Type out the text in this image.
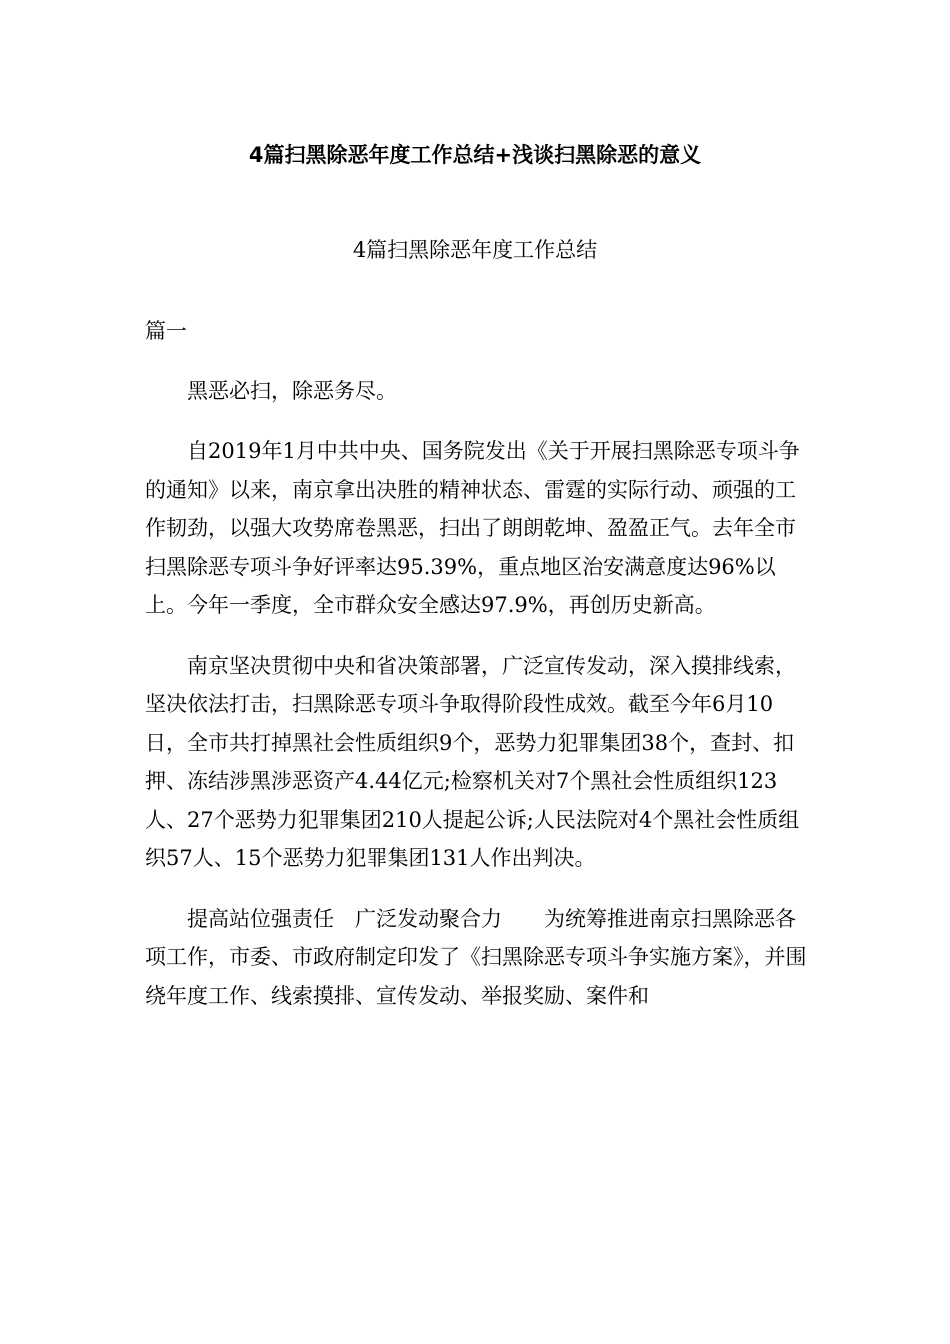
4篇扫黑除恶年度工作总结+浅谈扫黑除恶的意义
4篇扫黑除恶年度工作总结

篇一

黑恶必扫，除恶务尽。

自2019年1月中共中央、国务院发出《关于开展扫黑除恶专项斗争的通知》以来，南京拿出决胜的精神状态、雷霆的实际行动、顽强的工作韧劲，以强大攻势席卷黑恶，扫出了朗朗乾坤、盈盈正气。去年全市扫黑除恶专项斗争好评率达95.39%，重点地区治安满意度达96%以上。今年一季度，全市群众安全感达97.9%，再创历史新高。

南京坚决贯彻中央和省决策部署，广泛宣传发动，深入摸排线索，坚决依法打击，扫黑除恶专项斗争取得阶段性成效。截至今年6月10日，全市共打掉黑社会性质组织9个，恶势力犯罪集团38个，查封、扣押、冻结涉黑涉恶资产4.44亿元;检察机关对7个黑社会性质组织123人、27个恶势力犯罪集团210人提起公诉;人民法院对4个黑社会性质组织57人、15个恶势力犯罪集团131人作出判决。

提高站位强责任　广泛发动聚合力　　为统筹推进南京扫黑除恶各项工作，市委、市政府制定印发了《扫黑除恶专项斗争实施方案》，并围绕年度工作、线索摸排、宣传发动、举报奖励、案件和
